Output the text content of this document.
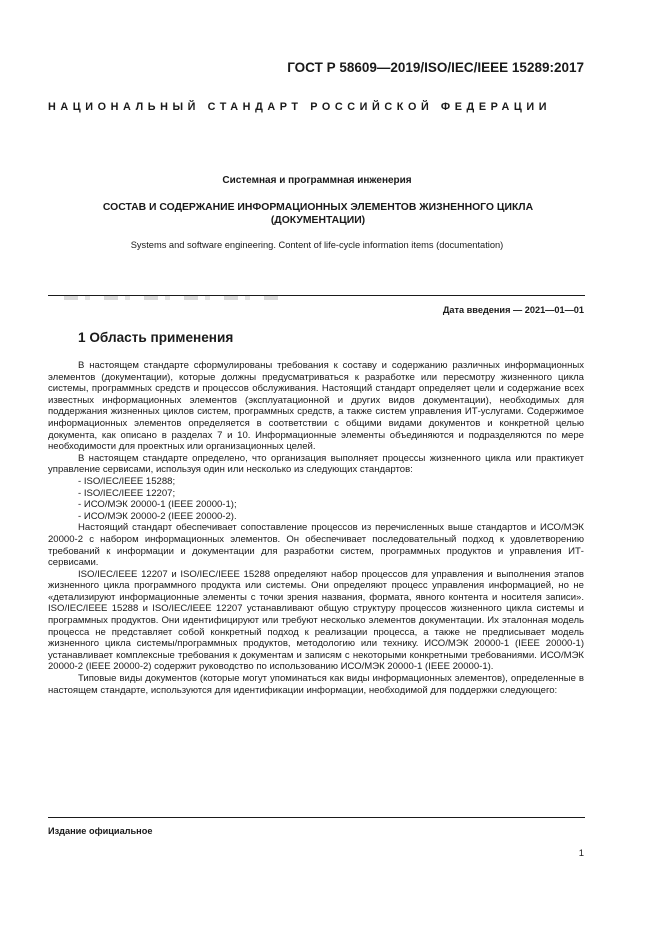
ГОСТ Р 58609—2019/ISO/IEC/IEEE 15289:2017
НАЦИОНАЛЬНЫЙ СТАНДАРТ РОССИЙСКОЙ ФЕДЕРАЦИИ
Системная и программная инженерия
СОСТАВ И СОДЕРЖАНИЕ ИНФОРМАЦИОННЫХ ЭЛЕМЕНТОВ ЖИЗНЕННОГО ЦИКЛА
(ДОКУМЕНТАЦИИ)
Systems and software engineering. Content of life-cycle information items (documentation)
Дата введения — 2021—01—01
1 Область применения

В настоящем стандарте сформулированы требования к составу и содержанию различных информационных элементов (документации), которые должны предусматриваться к разработке или пересмотру жизненного цикла системы, программных средств и процессов обслуживания. Настоящий стандарт определяет цели и содержание всех известных информационных элементов (эксплуатационной и других видов документации), необходимых для поддержания жизненных циклов систем, программных средств, а также систем управления ИТ-услугами. Содержимое информационных элементов определяется в соответствии с общими видами документов и конкретной целью документа, как описано в разделах 7 и 10. Информационные элементы объединяются и подразделяются по мере необходимости для проектных или организационных целей.

В настоящем стандарте определено, что организация выполняет процессы жизненного цикла или практикует управление сервисами, используя один или несколько из следующих стандартов:

- ISO/IEC/IEEE 15288;
- ISO/IEC/IEEE 12207;
- ИСО/МЭК 20000-1 (IEEE 20000-1);
- ИСО/МЭК 20000-2 (IEEE 20000-2).

Настоящий стандарт обеспечивает сопоставление процессов из перечисленных выше стандартов и ИСО/МЭК 20000-2 с набором информационных элементов. Он обеспечивает последовательный подход к удовлетворению требований к информации и документации для разработки систем, программных продуктов и управления ИТ-сервисами.

ISO/IEC/IEEE 12207 и ISO/IEC/IEEE 15288 определяют набор процессов для управления и выполнения этапов жизненного цикла программного продукта или системы. Они определяют процесс управления информацией, но не «детализируют информационные элементы с точки зрения названия, формата, явного контента и носителя записи». ISO/IEC/IEEE 15288 и ISO/IEC/IEEE 12207 устанавливают общую структуру процессов жизненного цикла системы и программных продуктов. Они идентифицируют или требуют несколько элементов документации. Их эталонная модель процесса не представляет собой конкретный подход к реализации процесса, а также не предписывает модель жизненного цикла системы/программных продуктов, методологию или технику. ИСО/МЭК 20000-1 (IEEE 20000-1) устанавливает комплексные требования к документам и записям с некоторыми конкретными требованиями. ИСО/МЭК 20000-2 (IEEE 20000-2) содержит руководство по использованию ИСО/МЭК 20000-1 (IEEE 20000-1).

Типовые виды документов (которые могут упоминаться как виды информационных элементов), определенные в настоящем стандарте, используются для идентификации информации, необходимой для поддержки следующего:

Издание официальное
1
